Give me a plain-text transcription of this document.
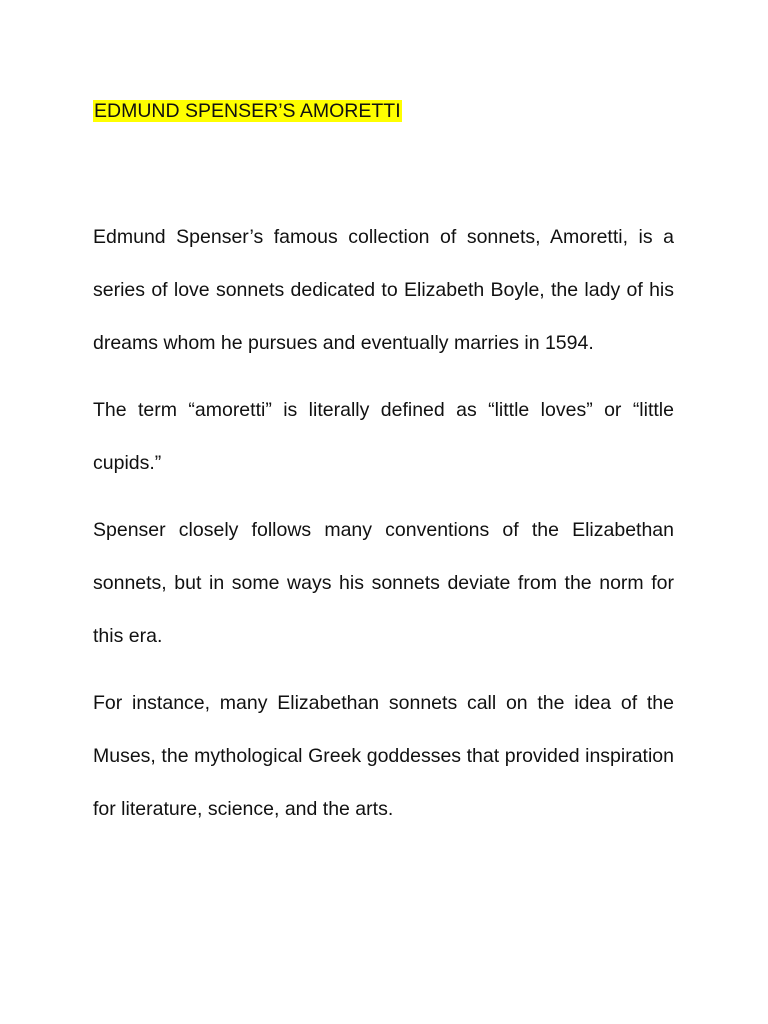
EDMUND SPENSER’S AMORETTI

Edmund Spenser’s famous collection of sonnets, Amoretti, is a series of love sonnets dedicated to Elizabeth Boyle, the lady of his dreams whom he pursues and eventually marries in 1594.

The term “amoretti” is literally defined as “little loves” or “little cupids.”

Spenser closely follows many conventions of the Elizabethan sonnets, but in some ways his sonnets deviate from the norm for this era.

For instance, many Elizabethan sonnets call on the idea of the Muses, the mythological Greek goddesses that provided inspiration for literature, science, and the arts.
